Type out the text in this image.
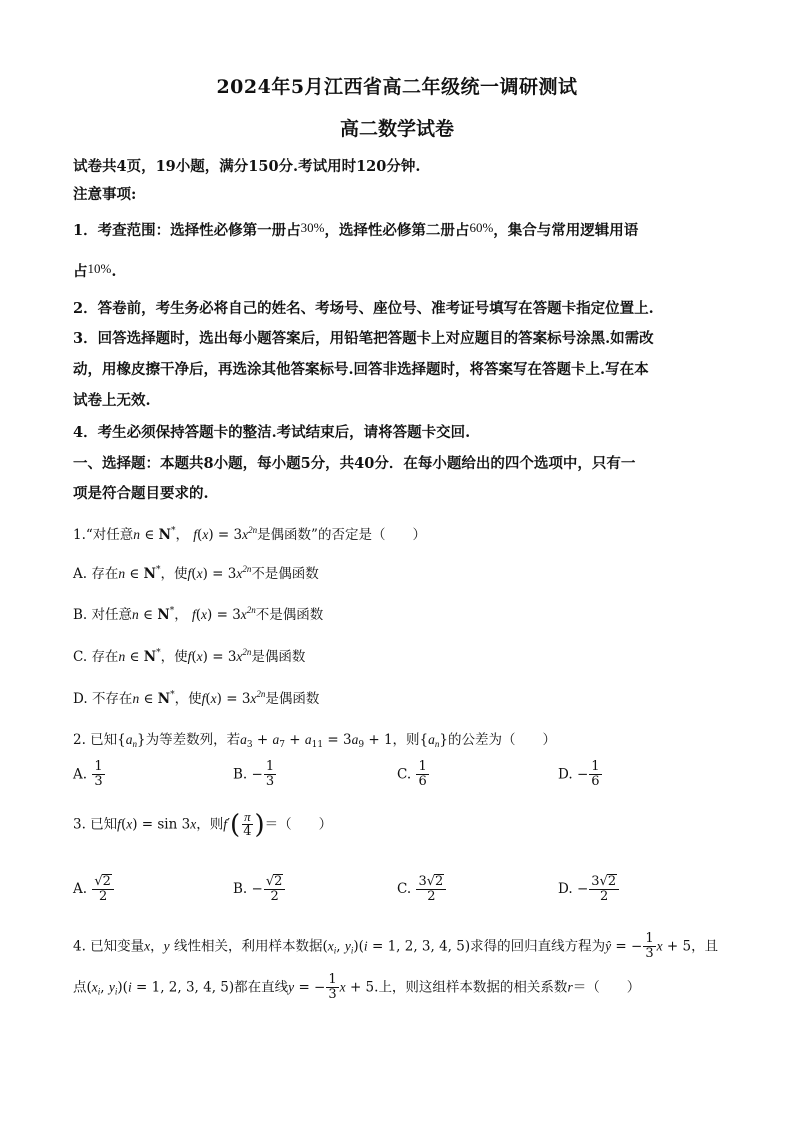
2024年5月江西省高二年级统一调研测试
高二数学试卷
试卷共4页，19小题，满分150分.考试用时120分钟.
注意事项:
1．考查范围：选择性必修第一册占30%，选择性必修第二册占60%，集合与常用逻辑用语
占10%.
2．答卷前，考生务必将自己的姓名、考场号、座位号、准考证号填写在答题卡指定位置上.
3．回答选择题时，选出每小题答案后，用铅笔把答题卡上对应题目的答案标号涂黑.如需改
动，用橡皮擦干净后，再选涂其他答案标号.回答非选择题时，将答案写在答题卡上.写在本
试卷上无效.
4．考生必须保持答题卡的整洁.考试结束后，请将答题卡交回.
一、选择题：本题共8小题，每小题5分，共40分．在每小题给出的四个选项中，只有一
项是符合题目要求的.
1.“对任意n ∈ N*， $f(x) = 3x^{2n}$是偶函数”的否定是（　　）
A. 存在n ∈ N*，使$f(x) = 3x^{2n}$不是偶函数
B. 对任意n ∈ N*， $f(x) = 3x^{2n}$不是偶函数
C. 存在n ∈ N*，使$f(x) = 3x^{2n}$是偶函数
D. 不存在n ∈ N*，使$f(x) = 3x^{2n}$是偶函数
2. 已知$\{a_n\}$为等差数列，若$a_3 + a_7 + a_{11} = 3a_9 + 1$，则$\{a_n\}$的公差为（　　）
A. $\frac{1}{3}$	B. − $\frac{1}{3}$	C. $\frac{1}{6}$	D. − $\frac{1}{6}$
3. 已知f(x) = sin 3x，则$f'( \frac{\pi}{4}$ )＝（　　）
A. $\frac{√2}{2}$	B. − $\frac{√2}{2}$	C. $\frac{3√2}{2}$	D. − $\frac{3√2}{2}$
4. 已知变量x，y 线性相关，利用样本数据($x_i$, $y_i)(i = 1$, 2, 3, 4, 5)求得的回归直线方程为ŷ = − $\frac{1}{3}$ x + 5，且
点($x_i$, $y_i)(i = 1$, 2, 3, 4, 5)都在直线y = − $\frac{1}{3}$ x + 5.上，则这组样本数据的相关系数r＝（　　）
